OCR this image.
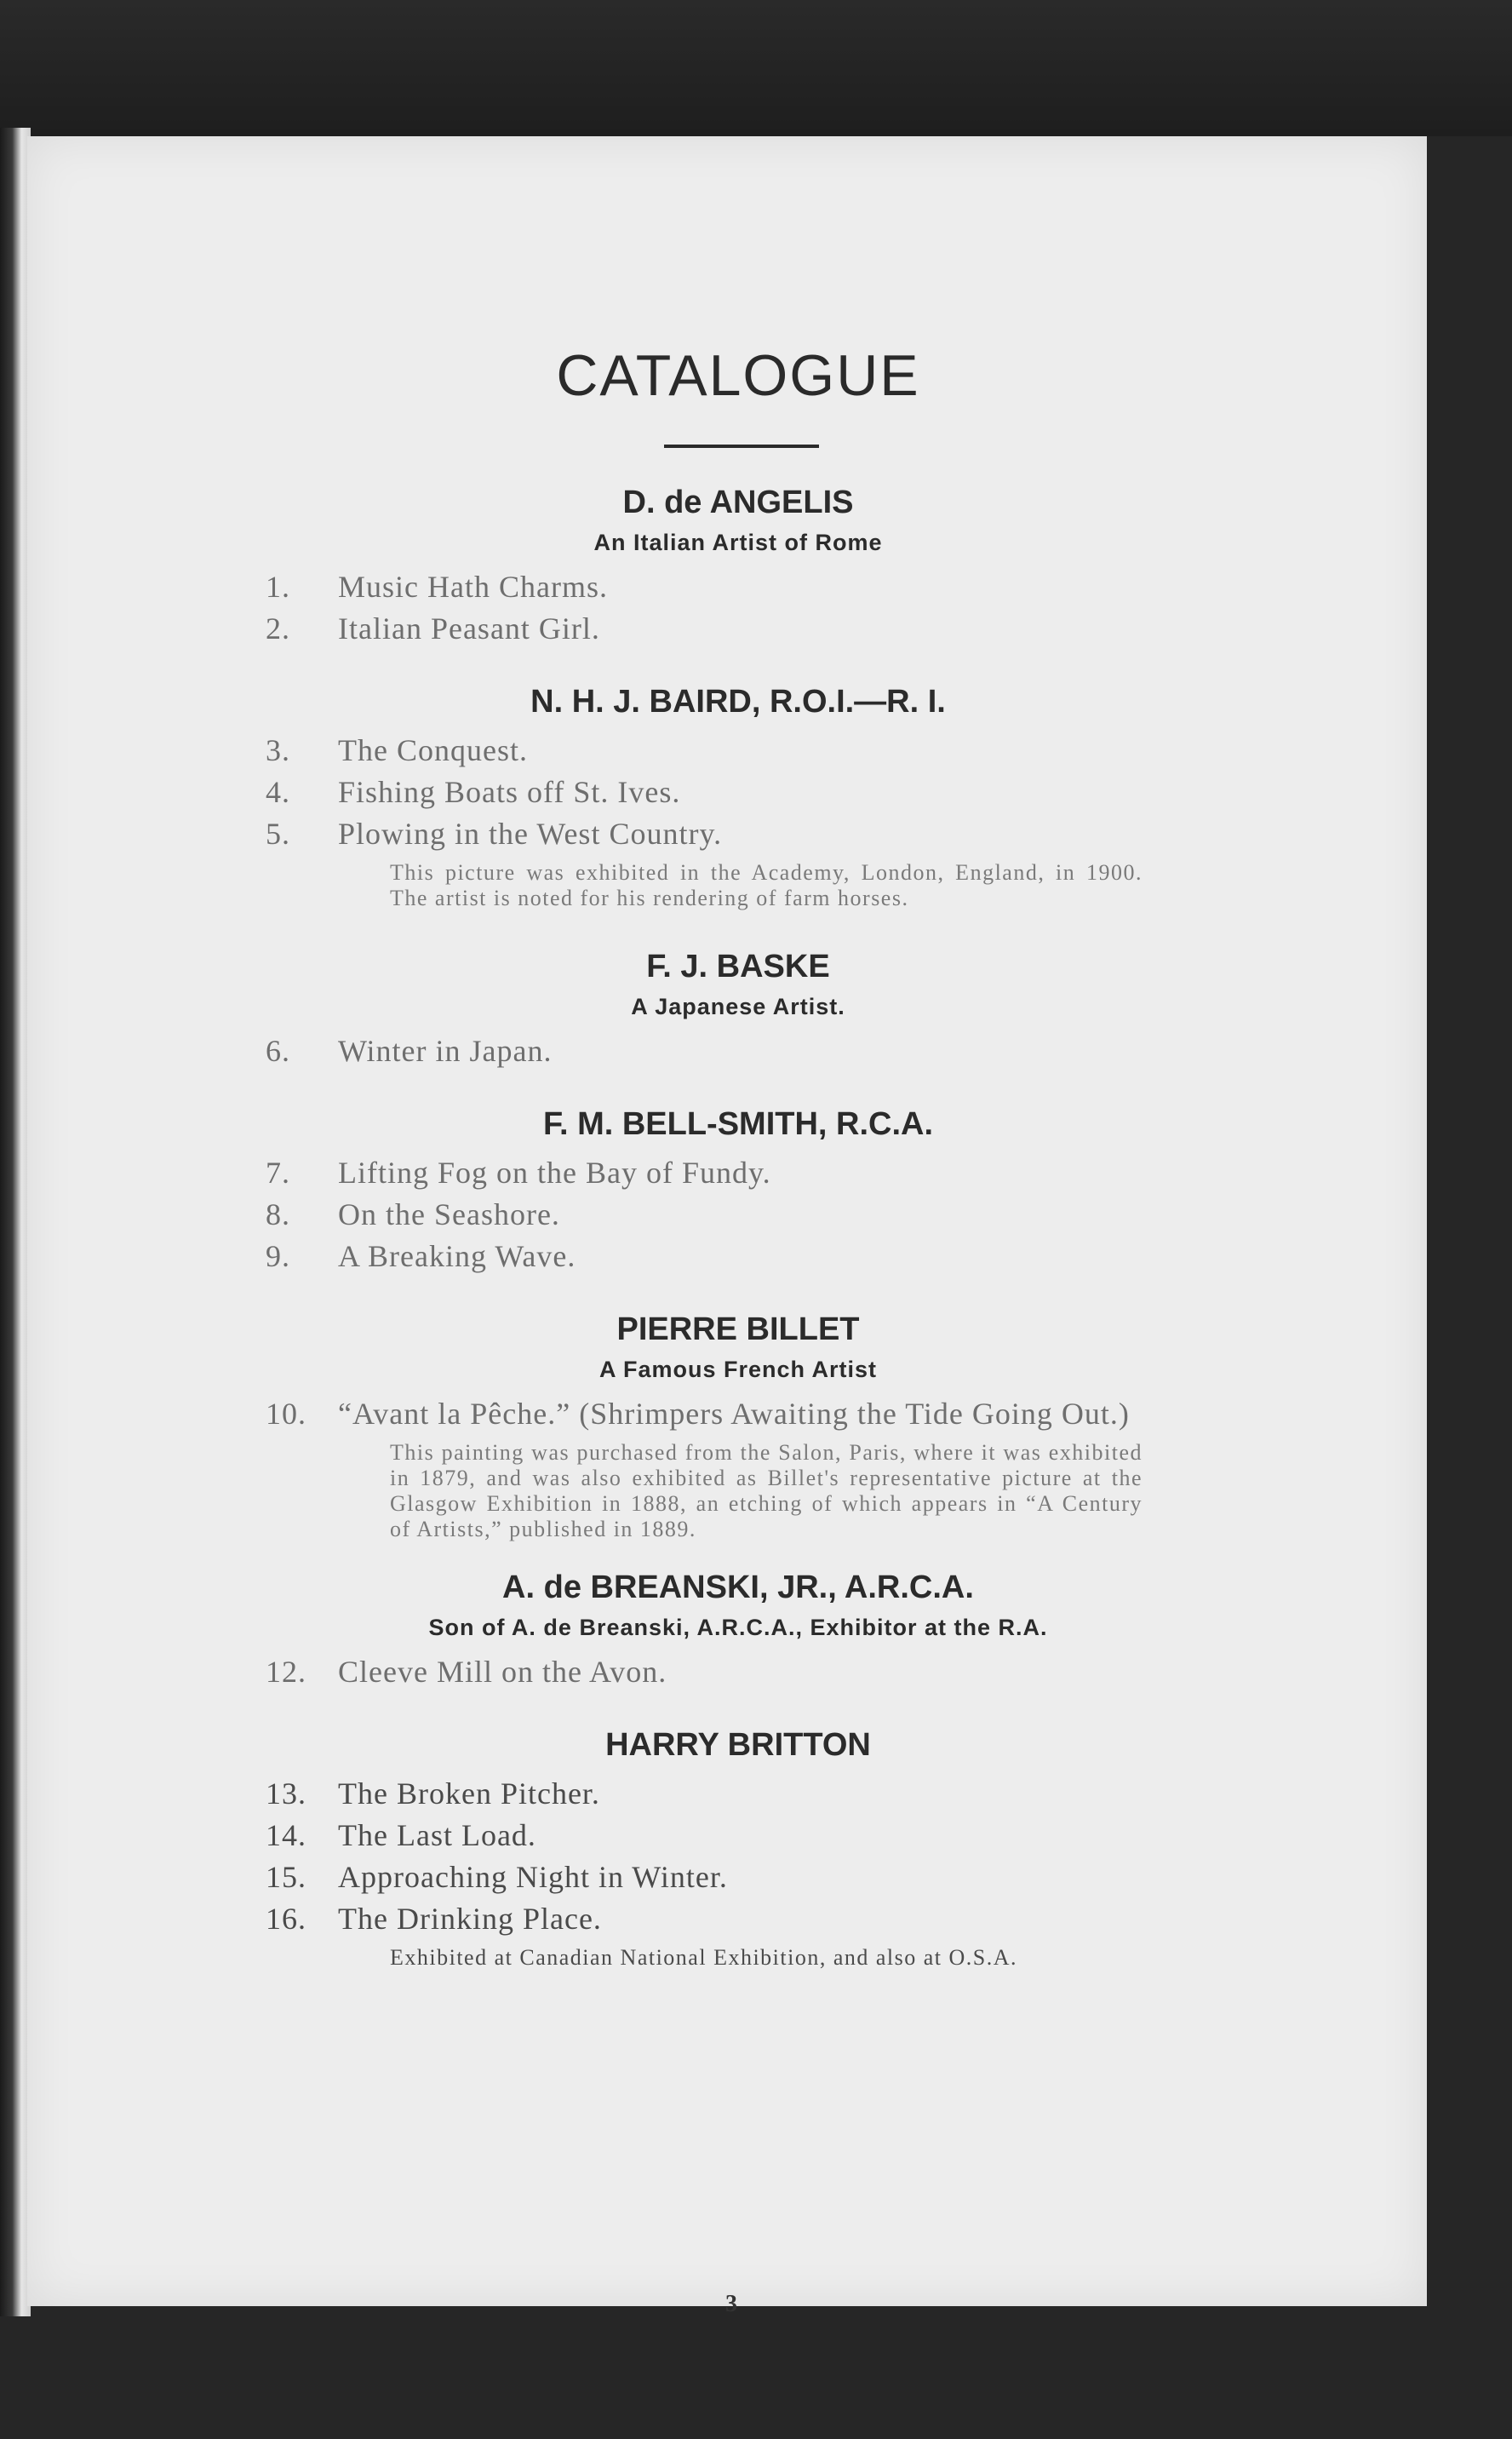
CATALOGUE

D. de ANGELIS

An Italian Artist of Rome

1.	Music Hath Charms.
2.	Italian Peasant Girl.

N. H. J. BAIRD, R.O.I.—R. I.

3.	The Conquest.
4.	Fishing Boats off St. Ives.
5.	Plowing in the West Country.
This picture was exhibited in the Academy, London, England, in 1900. The artist is noted for his rendering of farm horses.

F. J. BASKE

A Japanese Artist.

6.	Winter in Japan.

F. M. BELL-SMITH, R.C.A.

7.	Lifting Fog on the Bay of Fundy.
8.	On the Seashore.
9.	A Breaking Wave.

PIERRE BILLET

A Famous French Artist

10.	“Avant la Pêche.” (Shrimpers Awaiting the Tide Going Out.)
This painting was purchased from the Salon, Paris, where it was exhibited in 1879, and was also exhibited as Billet's representative picture at the Glasgow Exhibition in 1888, an etching of which appears in “A Century of Artists,” published in 1889.

A. de BREANSKI, JR., A.R.C.A.

Son of A. de Breanski, A.R.C.A., Exhibitor at the R.A.

12.	Cleeve Mill on the Avon.

HARRY BRITTON

13.	The Broken Pitcher.
14.	The Last Load.
15.	Approaching Night in Winter.
16.	The Drinking Place.
Exhibited at Canadian National Exhibition, and also at O.S.A.
3
